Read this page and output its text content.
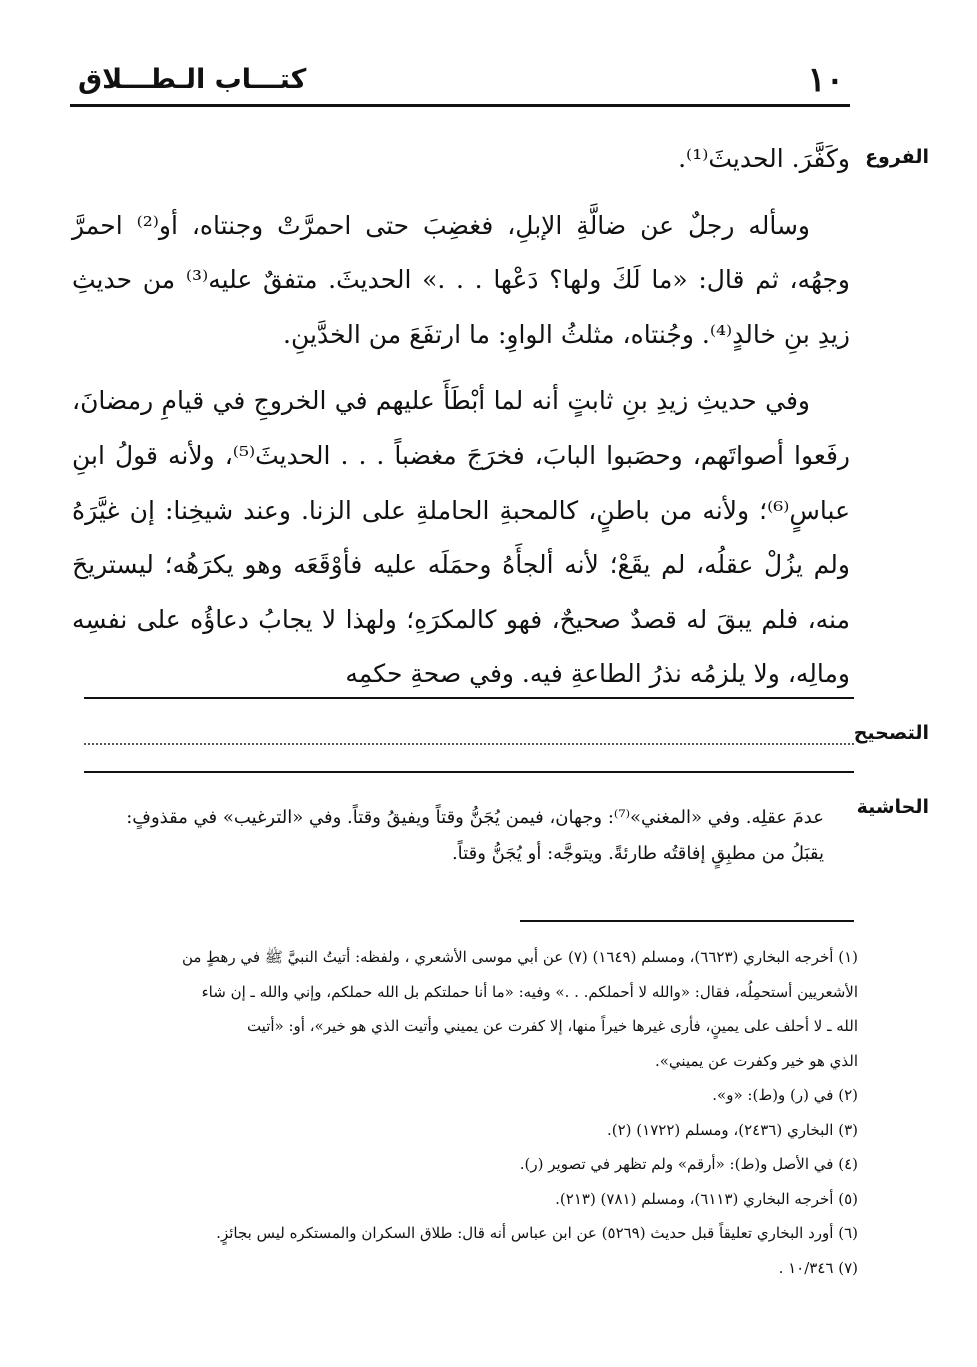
١٠
كتـــاب الـطـــلاق
الفروع

وكَفَّرَ. الحديثَ⁽¹⁾.

وسأله رجلٌ عن ضالَّةِ الإبلِ، فغضِبَ حتى احمرَّتْ وجنتاه، أو⁽²⁾ احمرَّ وجهُه، ثم قال: «ما لَكَ ولها؟ دَعْها . . .» الحديثَ. متفقٌ عليه⁽³⁾ من حديثِ زيدِ بنِ خالدٍ⁽⁴⁾. وجُنتاه، مثلثُ الواوِ: ما ارتفَعَ من الخدَّينِ.

وفي حديثِ زيدِ بنِ ثابتٍ أنه لما أبْطَأَ عليهم في الخروجِ في قيامِ رمضانَ، رفَعوا أصواتَهم، وحصَبوا البابَ، فخرَجَ مغضباً . . . الحديثَ⁽⁵⁾، ولأنه قولُ ابنِ عباسٍ⁽⁶⁾؛ ولأنه من باطنٍ، كالمحبةِ الحاملةِ على الزنا. وعند شيخِنا: إن غيَّرَهُ ولم يزُلْ عقلُه، لم يقَعْ؛ لأنه ألجأَهُ وحمَلَه عليه فأوْقَعَه وهو يكرَهُه؛ ليستريحَ منه، فلم يبقَ له قصدٌ صحيحٌ، فهو كالمكرَهِ؛ ولهذا لا يجابُ دعاؤُه على نفسِه ومالِه، ولا يلزمُه نذرُ الطاعةِ فيه. وفي صحةِ حكمِه

التصحيح
الحاشية
عدمَ عقلِه. وفي «المغني»⁽⁷⁾: وجهان، فيمن يُجَنُّ وقتاً ويفيقُ وقتاً. وفي «الترغيب» في مقذوفٍ:
يقبَلُ من مطبِقٍ إفاقتُه طارئةً. ويتوجَّه: أو يُجَنُّ وقتاً.
(١) أخرجه البخاري (٦٦٢٣)، ومسلم (١٦٤٩) (٧) عن أبي موسى الأشعري ، ولفظه: أتيتُ النبيَّ ﷺ في رهطٍ من
الأشعريين أستحمِلُه، فقال: «والله لا أحملكم. . .» وفيه: «ما أنا حملتكم بل الله حملكم، وإني والله ـ إن شاء
الله ـ لا أحلف على يمينٍ، فأرى غيرها خيراً منها، إلا كفرت عن يميني وأتيت الذي هو خير»، أو: «أتيت
الذي هو خير وكفرت عن يميني».
(٢) في (ر) و(ط): «و».
(٣) البخاري (٢٤٣٦)، ومسلم (١٧٢٢) (٢).
(٤) في الأصل و(ط): «أرقم» ولم تظهر في تصوير (ر).
(٥) أخرجه البخاري (٦١١٣)، ومسلم (٧٨١) (٢١٣).
(٦) أورد البخاري تعليقاً قبل حديث (٥٢٦٩) عن ابن عباس أنه قال: طلاق السكران والمستكره ليس بجائزٍ.
(٧) ١٠/٣٤٦ .
